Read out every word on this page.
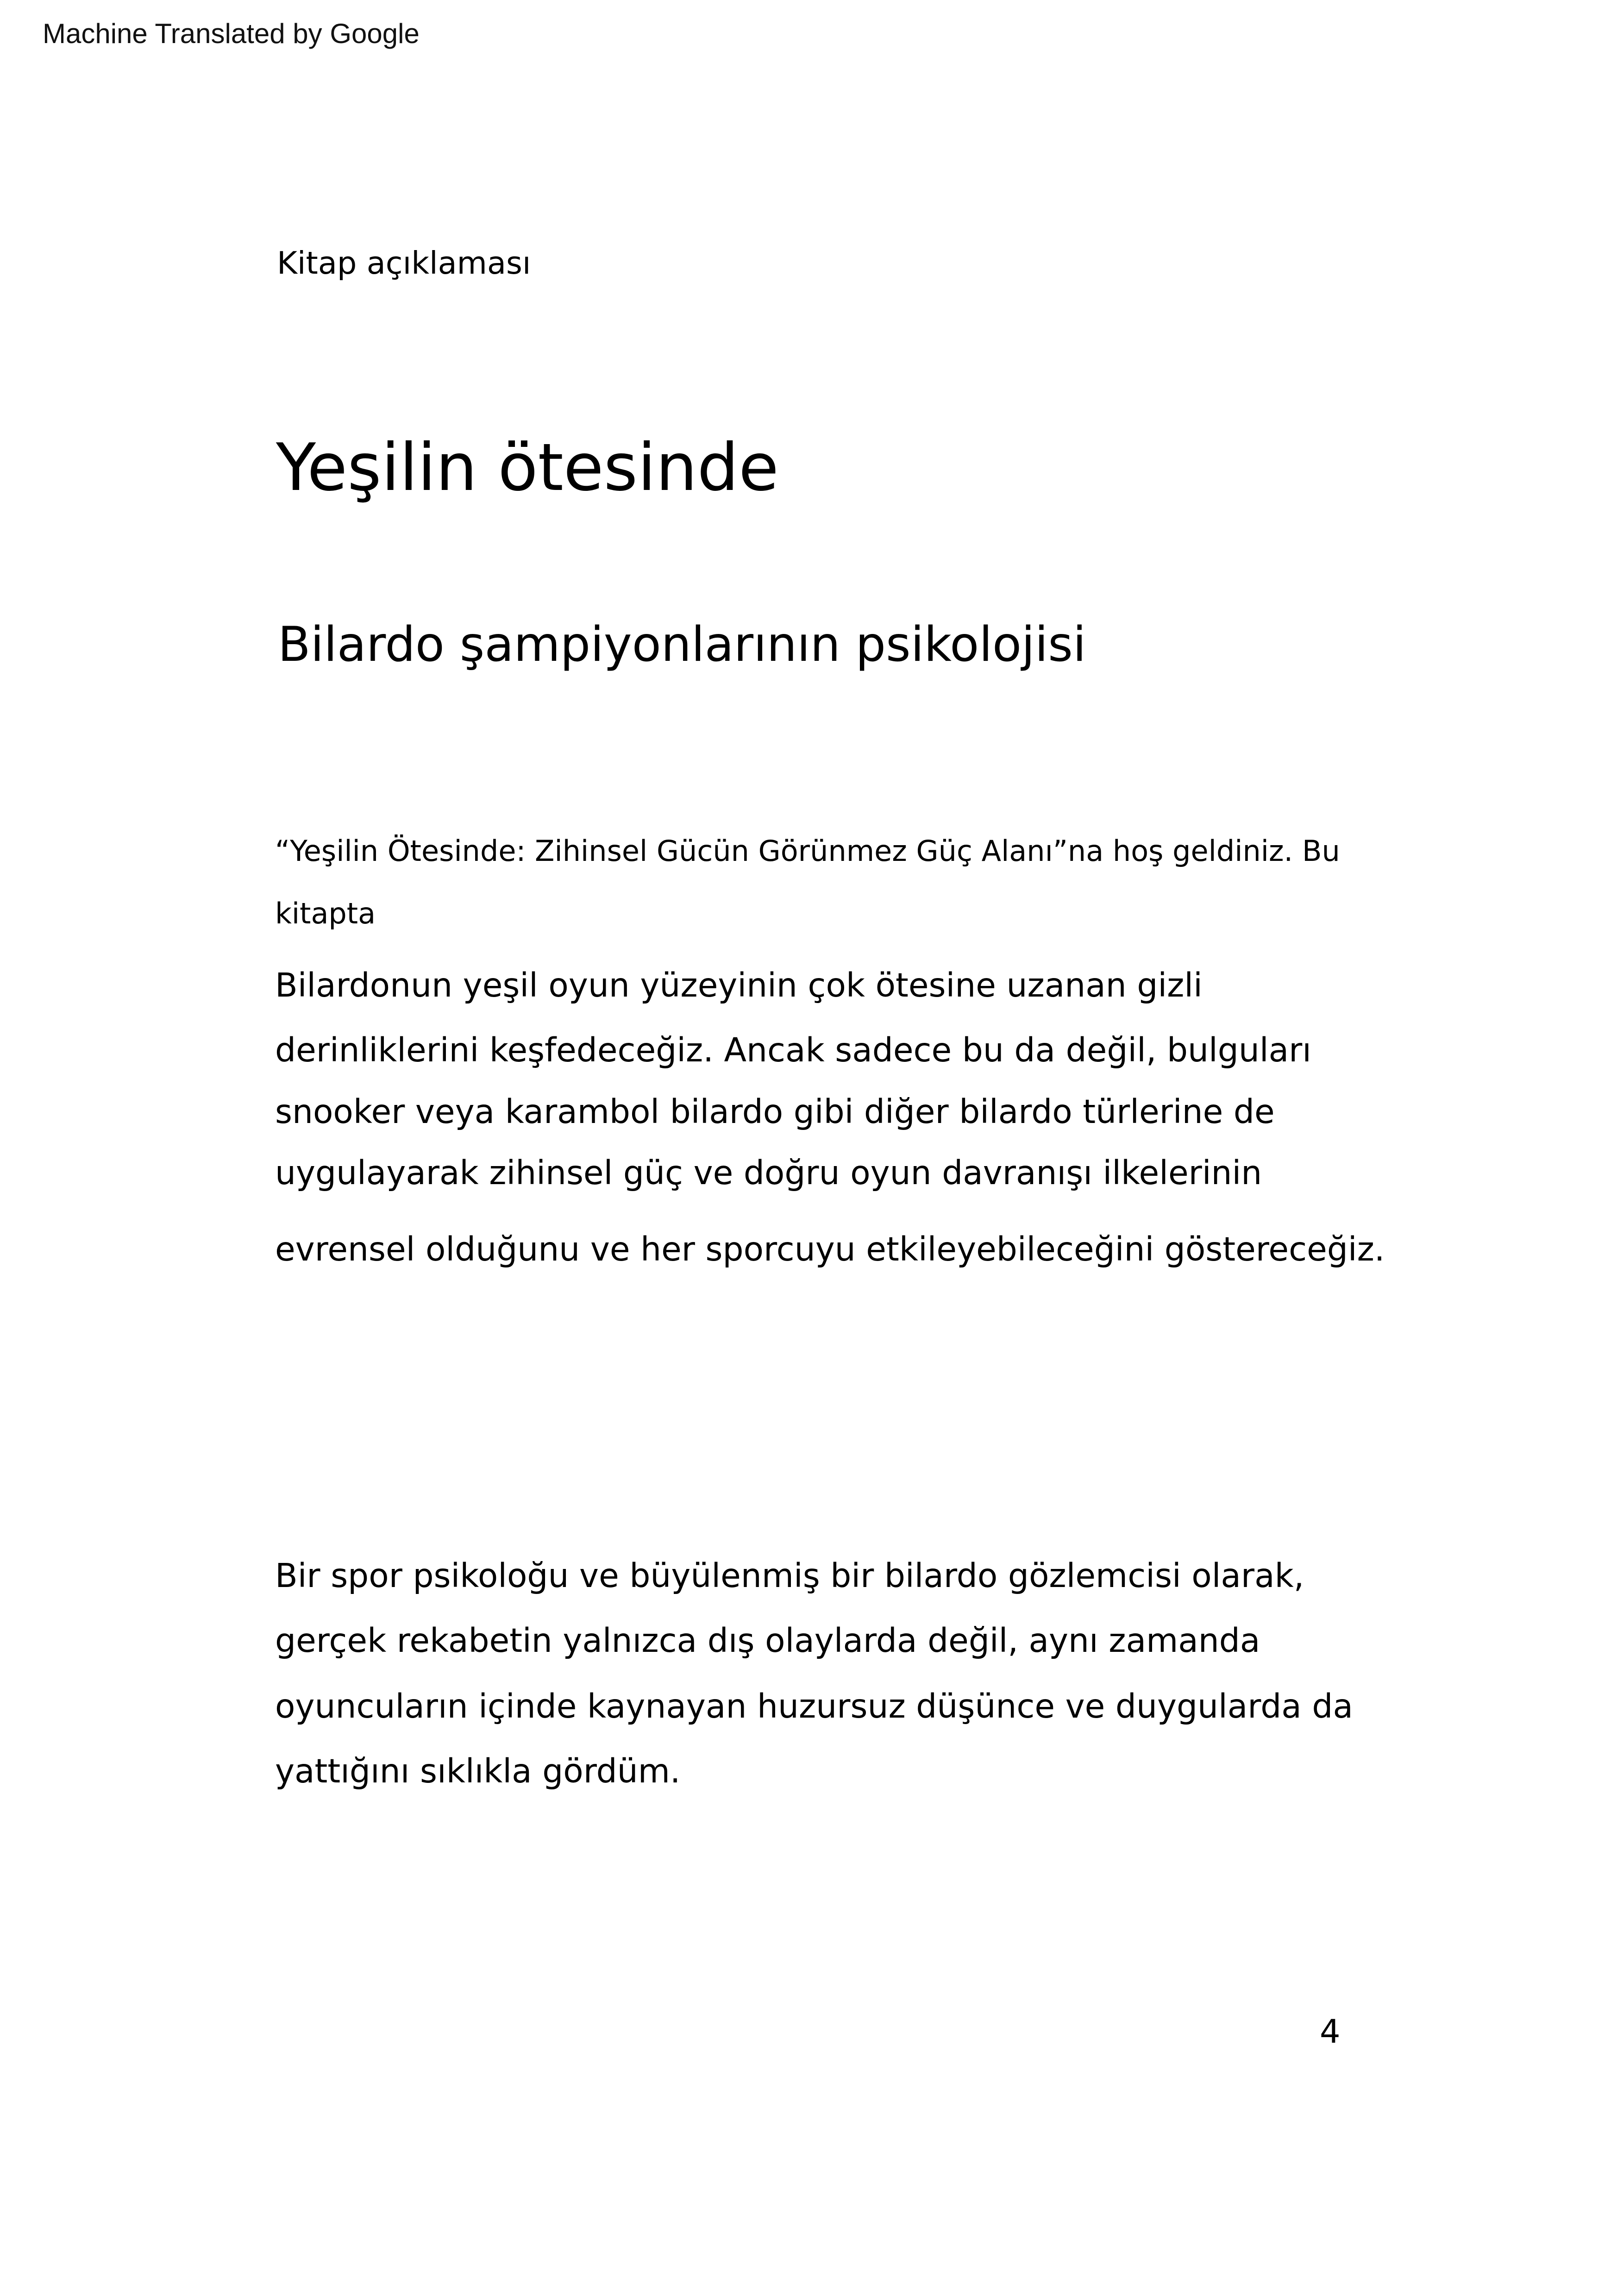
Machine Translated by Google
Kitap açıklaması
Yeşilin ötesinde
Bilardo şampiyonlarının psikolojisi
“Yeşilin Ötesinde: Zihinsel Gücün Görünmez Güç Alanı”na hoş geldiniz. Bu
kitapta
Bilardonun yeşil oyun yüzeyinin çok ötesine uzanan gizli
derinliklerini keşfedeceğiz. Ancak sadece bu da değil, bulguları
snooker veya karambol bilardo gibi diğer bilardo türlerine de
uygulayarak zihinsel güç ve doğru oyun davranışı ilkelerinin
evrensel olduğunu ve her sporcuyu etkileyebileceğini göstereceğiz.
Bir spor psikoloğu ve büyülenmiş bir bilardo gözlemcisi olarak,
gerçek rekabetin yalnızca dış olaylarda değil, aynı zamanda
oyuncuların içinde kaynayan huzursuz düşünce ve duygularda da
yattığını sıklıkla gördüm.
4
